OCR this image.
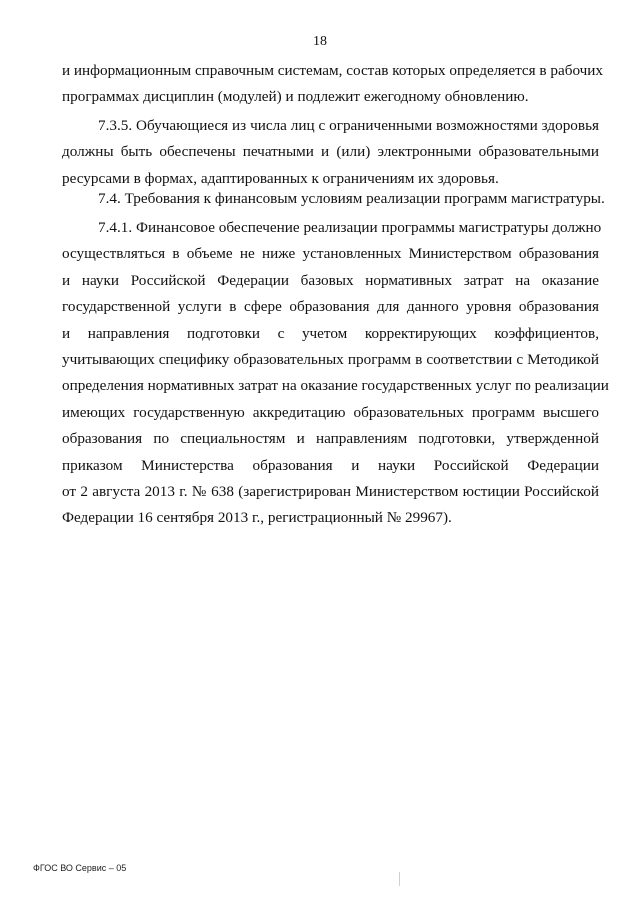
18
и информационным справочным системам, состав которых определяется в рабочих
программах дисциплин (модулей) и подлежит ежегодному обновлению.
7.3.5. Обучающиеся из числа лиц с ограниченными возможностями здоровья
должны быть обеспечены печатными и (или) электронными образовательными
ресурсами в формах, адаптированных к ограничениям их здоровья.
7.4. Требования к финансовым условиям реализации программ магистратуры.
7.4.1. Финансовое обеспечение реализации программы магистратуры должно
осуществляться в объеме не ниже установленных Министерством образования
и науки Российской Федерации базовых нормативных затрат на оказание
государственной услуги в сфере образования для данного уровня образования
и направления подготовки с учетом корректирующих коэффициентов,
учитывающих специфику образовательных программ в соответствии с Методикой
определения нормативных затрат на оказание государственных услуг по реализации
имеющих государственную аккредитацию образовательных программ высшего
образования по специальностям и направлениям подготовки, утвержденной
приказом Министерства образования и науки Российской Федерации
от 2 августа 2013 г. № 638 (зарегистрирован Министерством юстиции Российской
Федерации 16 сентября 2013 г., регистрационный № 29967).
ФГОС ВО Сервис – 05
